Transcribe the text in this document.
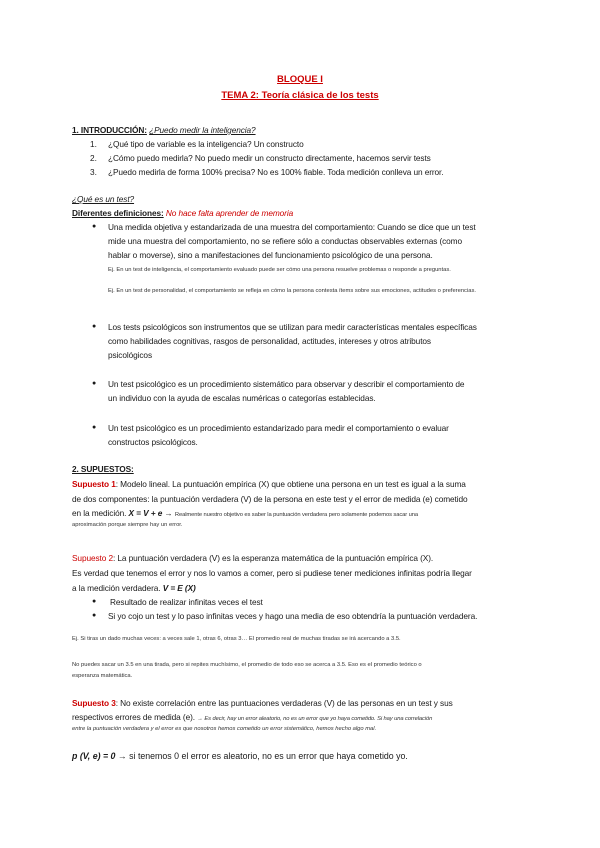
BLOQUE I
TEMA 2: Teoría clásica de los tests
1. INTRODUCCIÓN: ¿Puedo medir la inteligencia?
1. ¿Qué tipo de variable es la inteligencia? Un constructo
2. ¿Cómo puedo medirla? No puedo medir un constructo directamente, hacemos servir tests
3. ¿Puedo medirla de forma 100% precisa? No es 100% fiable. Toda medición conlleva un error.
¿Qué es un test?
Diferentes definiciones: No hace falta aprender de memoria
● Una medida objetiva y estandarizada de una muestra del comportamiento: Cuando se dice que un test
mide una muestra del comportamiento, no se refiere sólo a conductas observables externas (como
hablar o moverse), sino a manifestaciones del funcionamiento psicológico de una persona.
Ej. En un test de inteligencia, el comportamiento evaluado puede ser cómo una persona resuelve problemas o responde a preguntas.
Ej. En un test de personalidad, el comportamiento se refleja en cómo la persona contesta ítems sobre sus emociones, actitudes o preferencias.
● Los tests psicológicos son instrumentos que se utilizan para medir características mentales específicas
como habilidades cognitivas, rasgos de personalidad, actitudes, intereses y otros atributos
psicológicos
● Un test psicológico es un procedimiento sistemático para observar y describir el comportamiento de
un individuo con la ayuda de escalas numéricas o categorías establecidas.
● Un test psicológico es un procedimiento estandarizado para medir el comportamiento o evaluar
constructos psicológicos.
2. SUPUESTOS:
Supuesto 1: Modelo lineal. La puntuación empírica (X) que obtiene una persona en un test es igual a la suma
de dos componentes: la puntuación verdadera (V) de la persona en este test y el error de medida (e) cometido
en la medición. X = V + e → Realmente nuestro objetivo es saber la puntuación verdadera pero solamente podemos sacar una
aproximación porque siempre hay un error.
Supuesto 2: La puntuación verdadera (V) es la esperanza matemática de la puntuación empírica (X).
Es verdad que tenemos el error y nos lo vamos a comer, pero si pudiese tener mediciones infinitas podría llegar
a la medición verdadera. V = E (X)
● Resultado de realizar infinitas veces el test
● Si yo cojo un test y lo paso infinitas veces y hago una media de eso obtendría la puntuación verdadera.
Ej. Si tiras un dado muchas veces: a veces sale 1, otras 6, otras 3… El promedio real de muchas tiradas se irá acercando a 3.5.
No puedes sacar un 3.5 en una tirada, pero si repites muchísimo, el promedio de todo eso se acerca a 3.5. Eso es el promedio teórico o
esperanza matemática.
Supuesto 3: No existe correlación entre las puntuaciones verdaderas (V) de las personas en un test y sus
respectivos errores de medida (e). → Es decir, hay un error aleatorio, no es un error que yo haya cometido. Si hay una correlación
entre la puntuación verdadera y el error es que nosotros hemos cometido un error sistemático, hemos hecho algo mal.
p (V, e) = 0 → si tenemos 0 el error es aleatorio, no es un error que haya cometido yo.
